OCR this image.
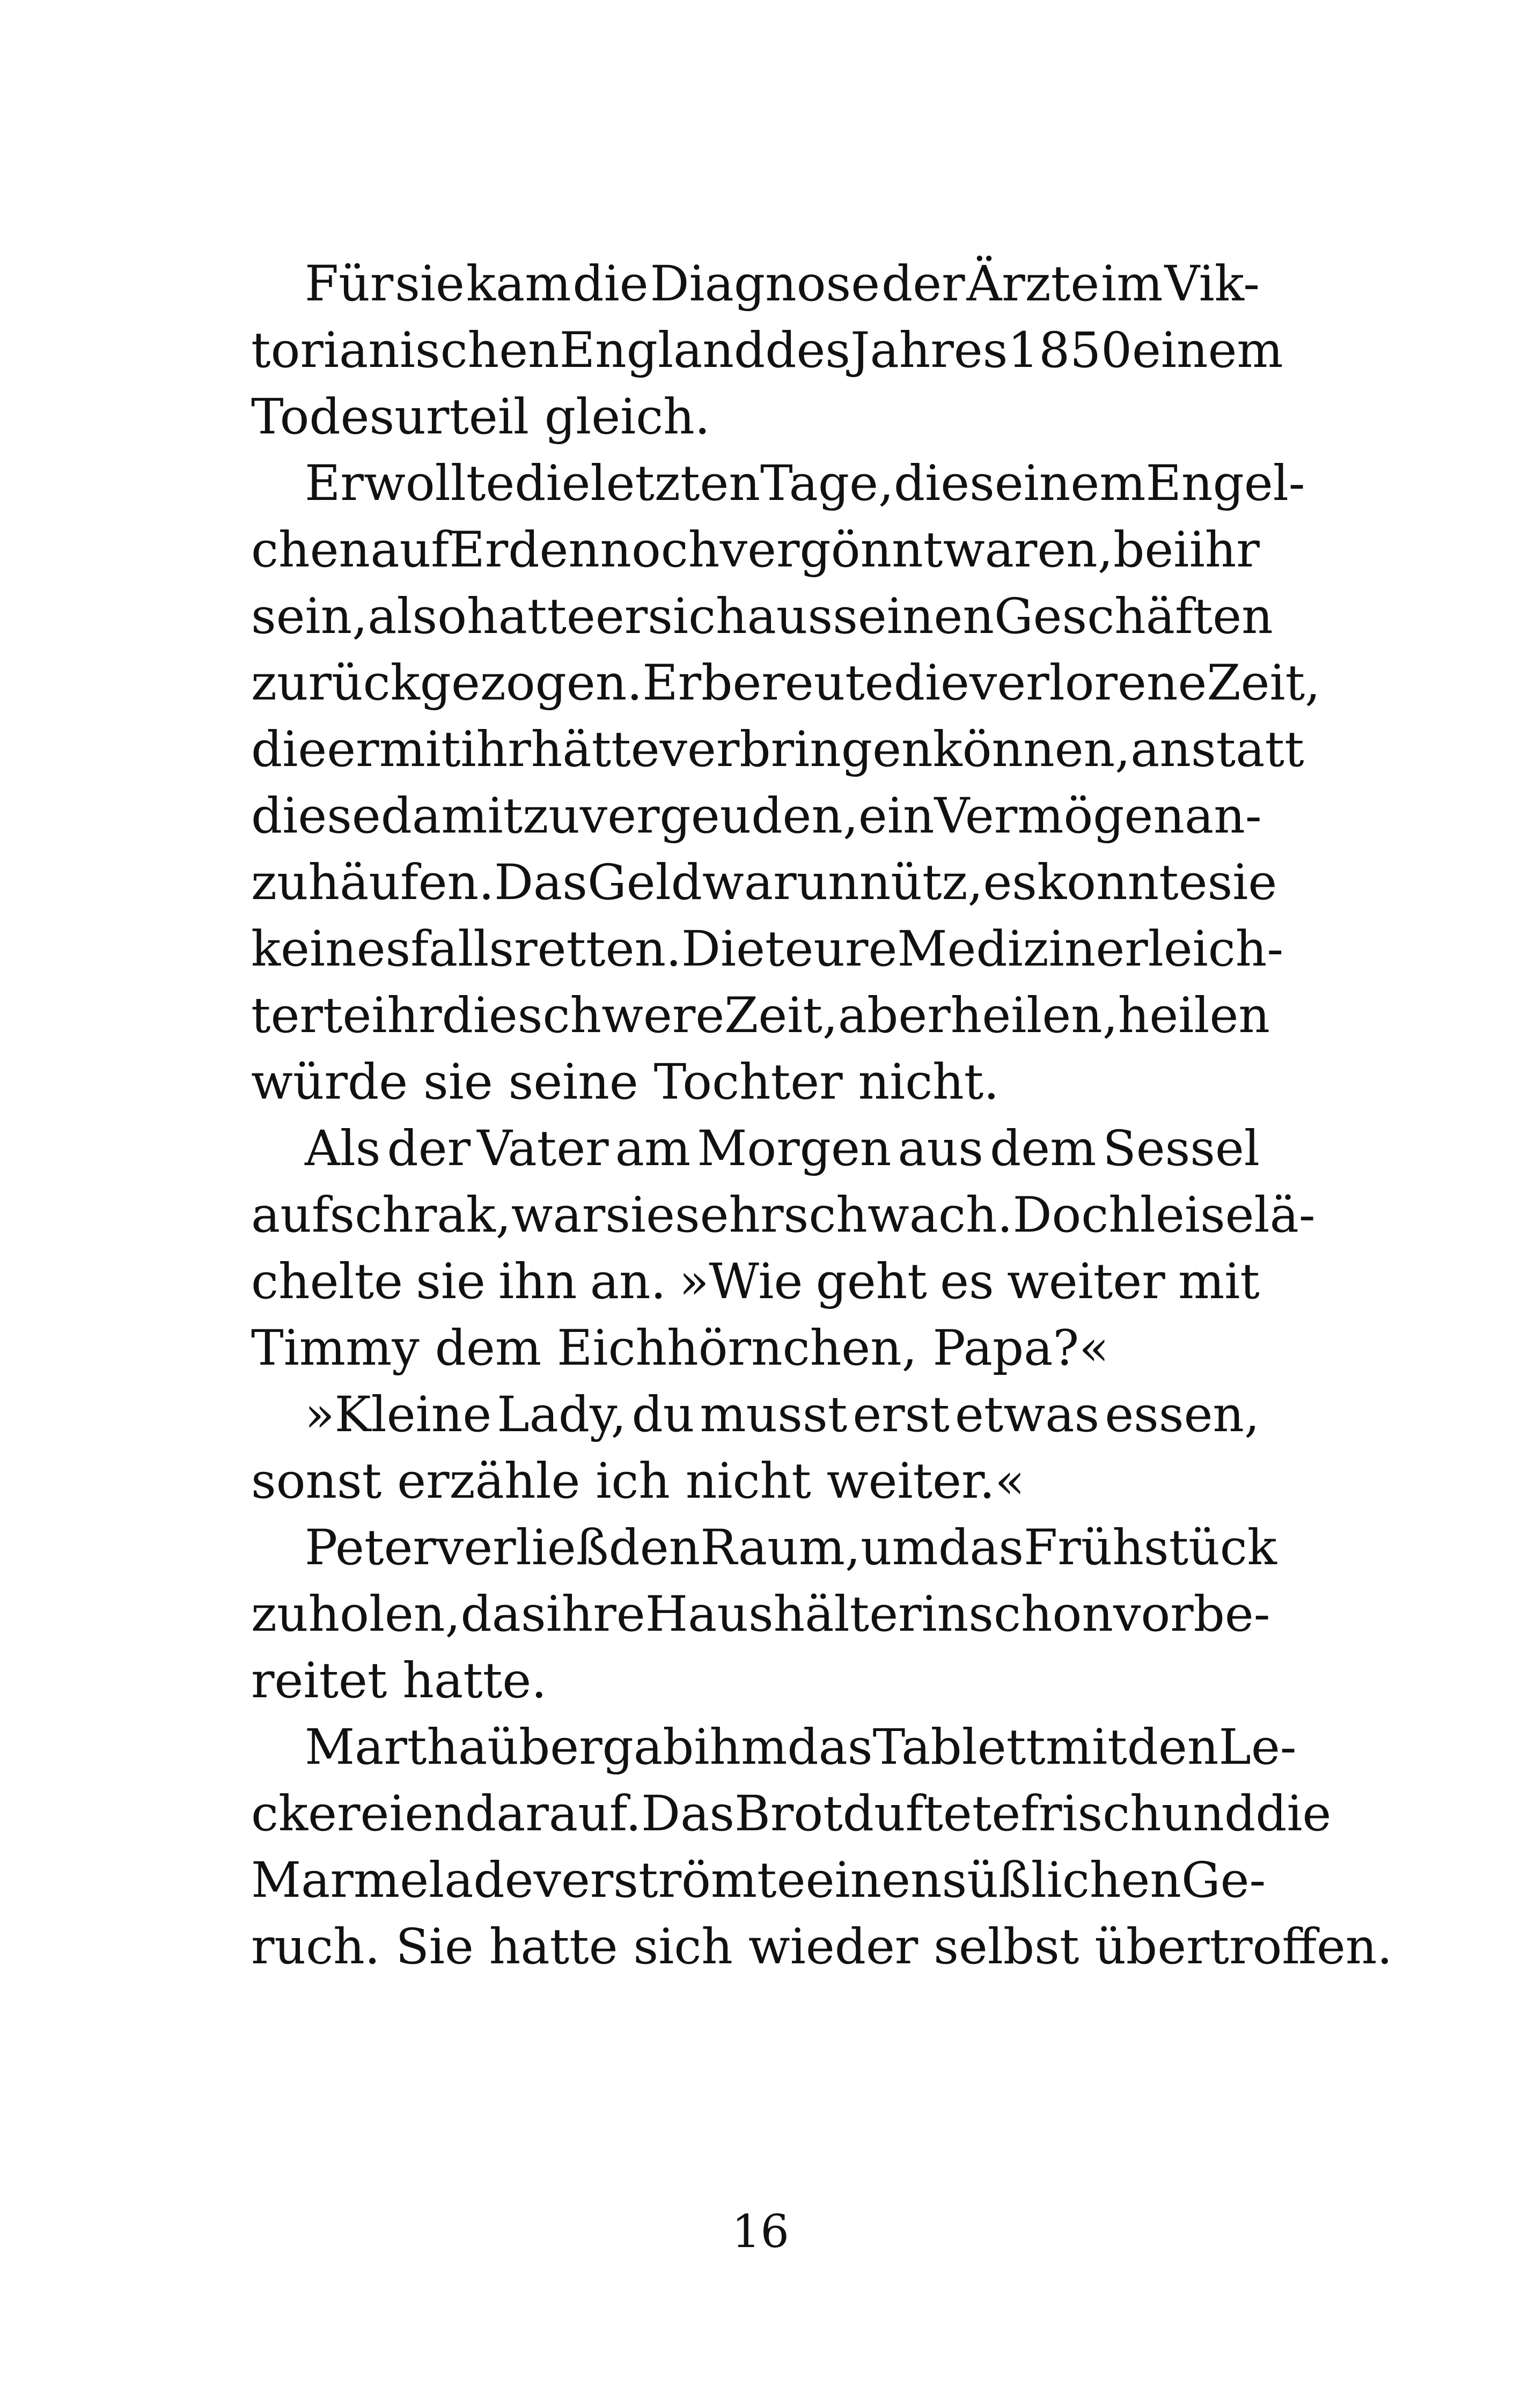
Für sie kam die Diagnose der Ärzte im Vik-
torianischen England des Jahres 1850 einem
Todesurteil gleich.
Er wollte die letzten Tage, die seinem Engel-
chen auf Erden noch vergönnt waren, bei ihr
sein, also hatte er sich aus seinen Geschäften
zurückgezogen. Er bereute die verlorene Zeit,
die er mit ihr hätte verbringen können, anstatt
diese damit zu vergeuden, ein Vermögen an-
zuhäufen. Das Geld war unnütz, es konnte sie
keinesfalls retten. Die teure Medizin erleich-
terte ihr die schwere Zeit, aber heilen, heilen
würde sie seine Tochter nicht.
Als der Vater am Morgen aus dem Sessel
aufschrak, war sie sehr schwach. Doch leise lä-
chelte sie ihn an. »Wie geht es weiter mit
Timmy dem Eichhörnchen, Papa?«
»Kleine Lady, du musst erst etwas essen,
sonst erzähle ich nicht weiter.«
Peter verließ den Raum, um das Frühstück
zu holen, das ihre Haushälterin schon vorbe-
reitet hatte.
Martha übergab ihm das Tablett mit den Le-
ckereien darauf. Das Brot duftete frisch und die
Marmelade verströmte einen süßlichen Ge-
ruch. Sie hatte sich wieder selbst übertroffen.
16
